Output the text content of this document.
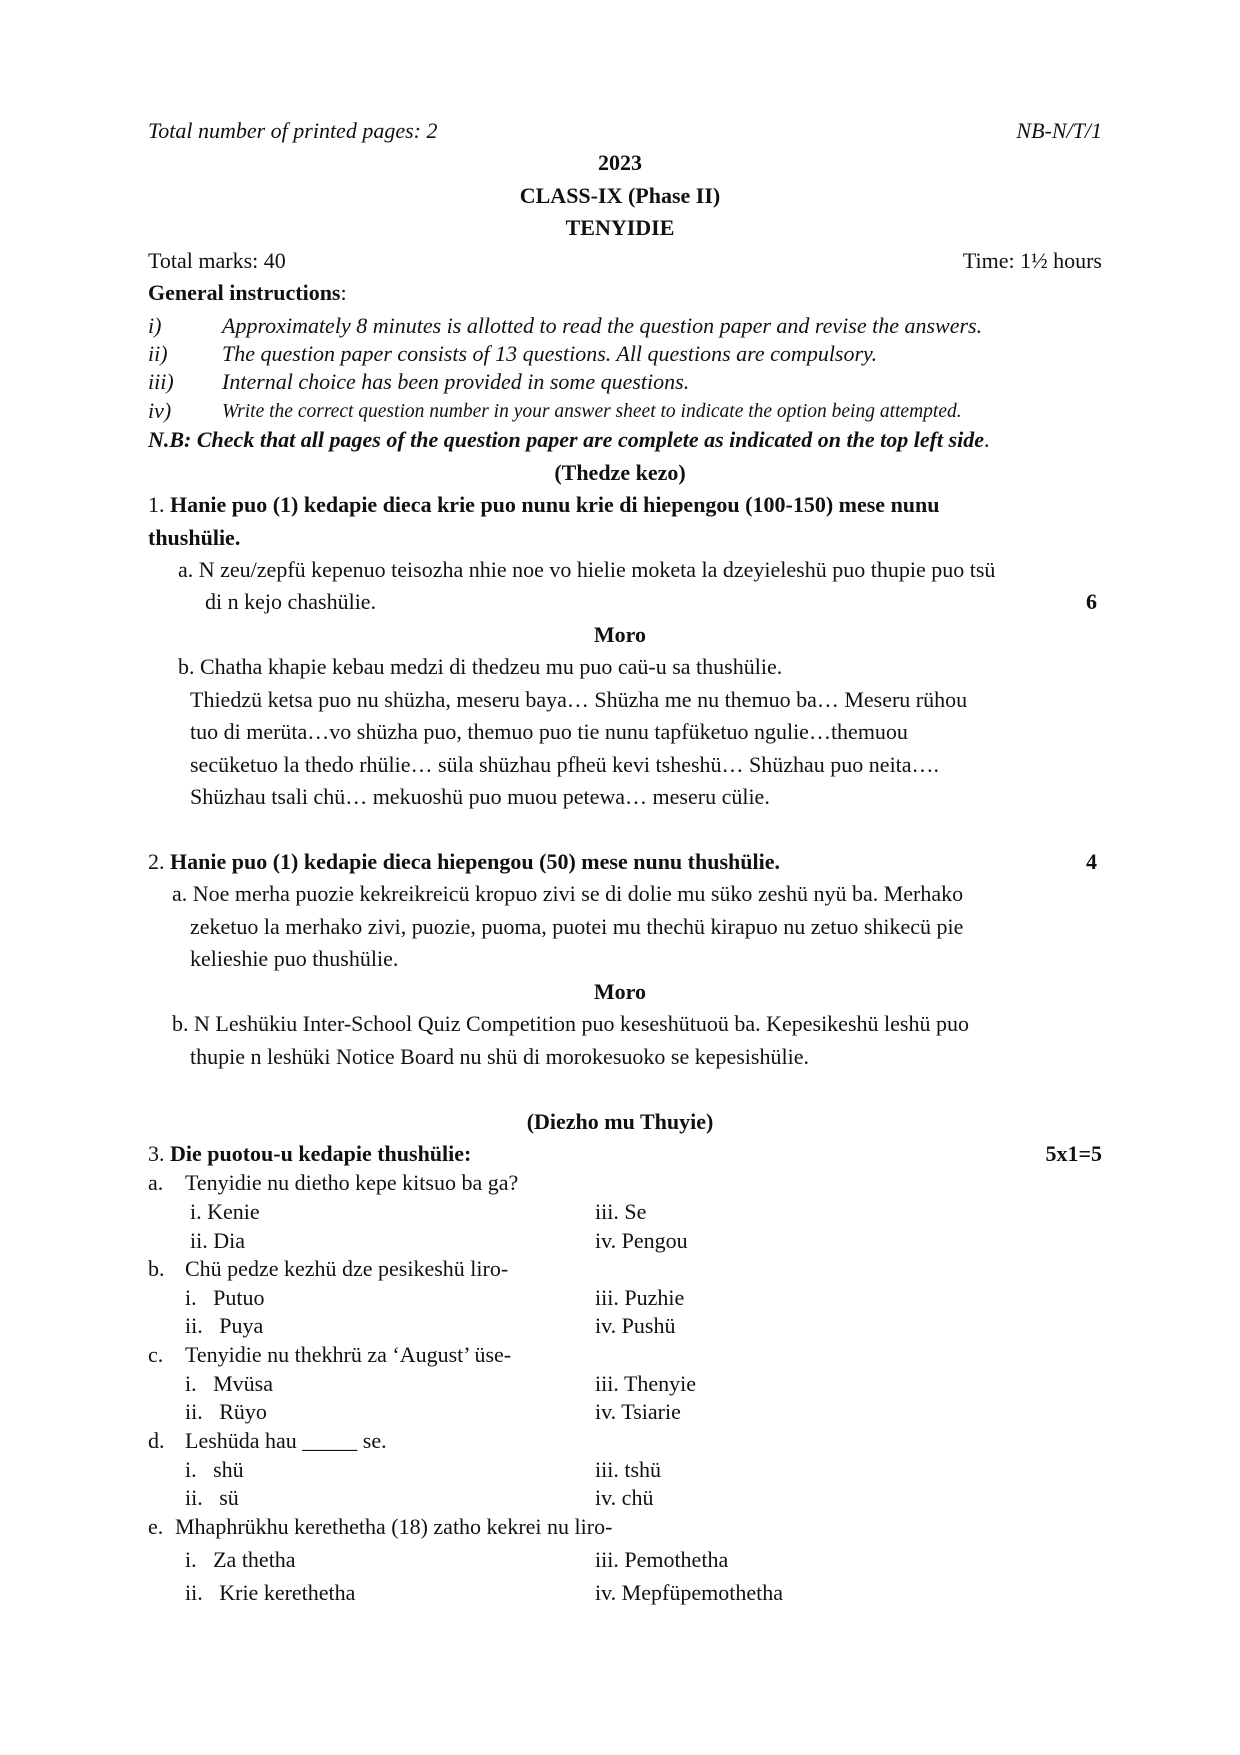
Total number of printed pages: 2	NB-N/T/1
2023
CLASS-IX (Phase II)
TENYIDIE
Total marks: 40	Time: 1½ hours
General instructions:
i)	Approximately 8 minutes is allotted to read the question paper and revise the answers.
ii) The question paper consists of 13 questions. All questions are compulsory.
iii) Internal choice has been provided in some questions.
iv)	Write the correct question number in your answer sheet to indicate the option being attempted.
N.B: Check that all pages of the question paper are complete as indicated on the top left side.
(Thedze kezo)
1. Hanie puo (1) kedapie dieca krie puo nunu krie di hiepengou (100-150) mese nunu
thushülie.
a. N zeu/zepfü kepenuo teisozha nhie noe vo hielie moketa la dzeyieleshü puo thupie puo tsü
di n kejo chashülie.	6
Moro
b. Chatha khapie kebau medzi di thedzeu mu puo caü-u sa thushülie.
Thiedzü ketsa puo nu shüzha, meseru baya… Shüzha me nu themuo ba… Meseru rühou
tuo di merüta…vo shüzha puo, themuo puo tie nunu tapfüketuo ngulie…themuou
secüketuo la thedo rhülie… süla shüzhau pfheü kevi tsheshü… Shüzhau puo neita….
Shüzhau tsali chü… mekuoshü puo muou petewa… meseru cülie.
2. Hanie puo (1) kedapie dieca hiepengou (50) mese nunu thushülie.	4
a. Noe merha puozie kekreikreicü kropuo zivi se di dolie mu süko zeshü nyü ba. Merhako
zeketuo la merhako zivi, puozie, puoma, puotei mu thechü kirapuo nu zetuo shikecü pie
kelieshie puo thushülie.
Moro
b. N Leshükiu Inter-School Quiz Competition puo keseshütuoü ba. Kepesikeshü leshü puo
thupie n leshüki Notice Board nu shü di morokesuoko se kepesishülie.
(Diezho mu Thuyie)
3. Die puotou-u kedapie thushülie:	5x1=5
a. Tenyidie nu dietho kepe kitsuo ba ga?
i. Kenie	iii. Se
ii. Dia	iv. Pengou
b. Chü pedze kezhü dze pesikeshü liro-
i.   Putuo	iii. Puzhie
ii.   Puya	iv. Pushü
c. Tenyidie nu thekhrü za ‘August’ üse-
i.   Mvüsa	iii. Thenyie
ii.   Rüyo	iv. Tsiarie
d. Leshüda hau _____ se.
i.   shü	iii. tshü
ii.   sü	iv. chü
e. Mhaphrükhu kerethetha (18) zatho kekrei nu liro-
i.   Za thetha	iii. Pemothetha
ii.   Krie kerethetha	iv. Mepfüpemothetha
